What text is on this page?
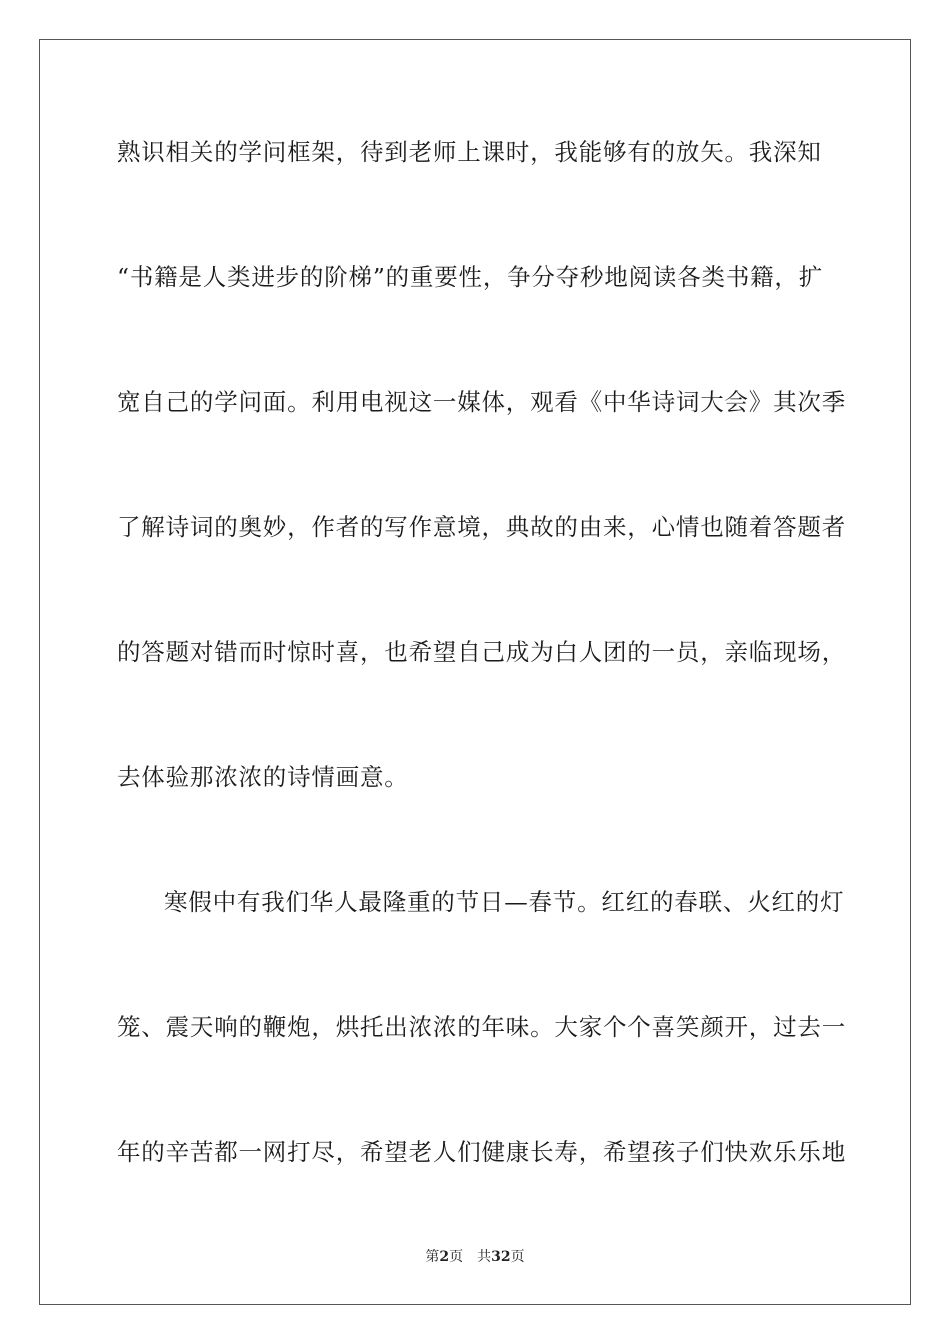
熟识相关的学问框架，待到老师上课时，我能够有的放矢。我深知
“书籍是人类进步的阶梯”的重要性，争分夺秒地阅读各类书籍，扩
宽自己的学问面。利用电视这一媒体，观看《中华诗词大会》其次季
了解诗词的奥妙，作者的写作意境，典故的由来，心情也随着答题者
的答题对错而时惊时喜，也希望自己成为白人团的一员，亲临现场，
去体验那浓浓的诗情画意。
寒假中有我们华人最隆重的节日—春节。红红的春联、火红的灯
笼、震天响的鞭炮，烘托出浓浓的年味。大家个个喜笑颜开，过去一
年的辛苦都一网打尽，希望老人们健康长寿，希望孩子们快欢乐乐地
第2页 共32页
